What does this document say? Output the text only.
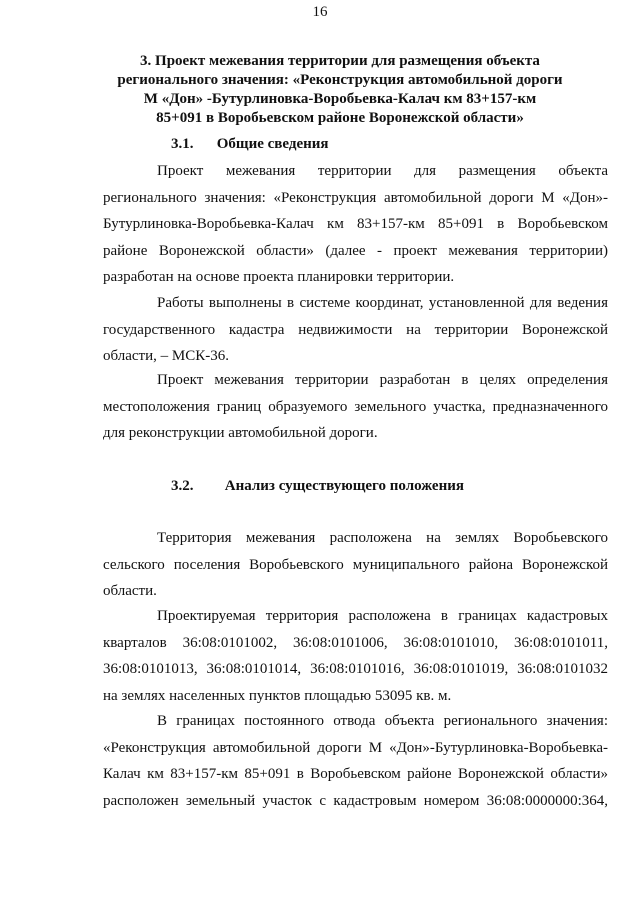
16
3. Проект межевания территории для размещения объекта
регионального значения: «Реконструкция автомобильной дороги
М «Дон» -Бутурлиновка-Воробьевка-Калач км 83+157-км
85+091 в Воробьевском районе Воронежской области»
3.1. Общие сведения
Проект межевания территории для размещения объекта
регионального значения: «Реконструкция автомобильной дороги М «Дон»-
Бутурлиновка-Воробьевка-Калач км 83+157-км 85+091 в Воробьевском
районе Воронежской области» (далее - проект межевания территории)
разработан на основе проекта планировки территории.
Работы выполнены в системе координат, установленной для ведения
государственного кадастра недвижимости на территории Воронежской
области, – МСК-36.
Проект межевания территории разработан в целях определения
местоположения границ образуемого земельного участка, предназначенного
для реконструкции автомобильной дороги.
3.2. Анализ существующего положения
Территория межевания расположена на землях Воробьевского
сельского поселения Воробьевского муниципального района Воронежской
области.
Проектируемая территория расположена в границах кадастровых
кварталов 36:08:0101002, 36:08:0101006, 36:08:0101010, 36:08:0101011,
36:08:0101013, 36:08:0101014, 36:08:0101016, 36:08:0101019, 36:08:0101032
на землях населенных пунктов площадью 53095 кв. м.
В границах постоянного отвода объекта регионального значения:
«Реконструкция автомобильной дороги М «Дон»-Бутурлиновка-Воробьевка-
Калач км 83+157-км 85+091 в Воробьевском районе Воронежской области»
расположен земельный участок с кадастровым номером 36:08:0000000:364,
